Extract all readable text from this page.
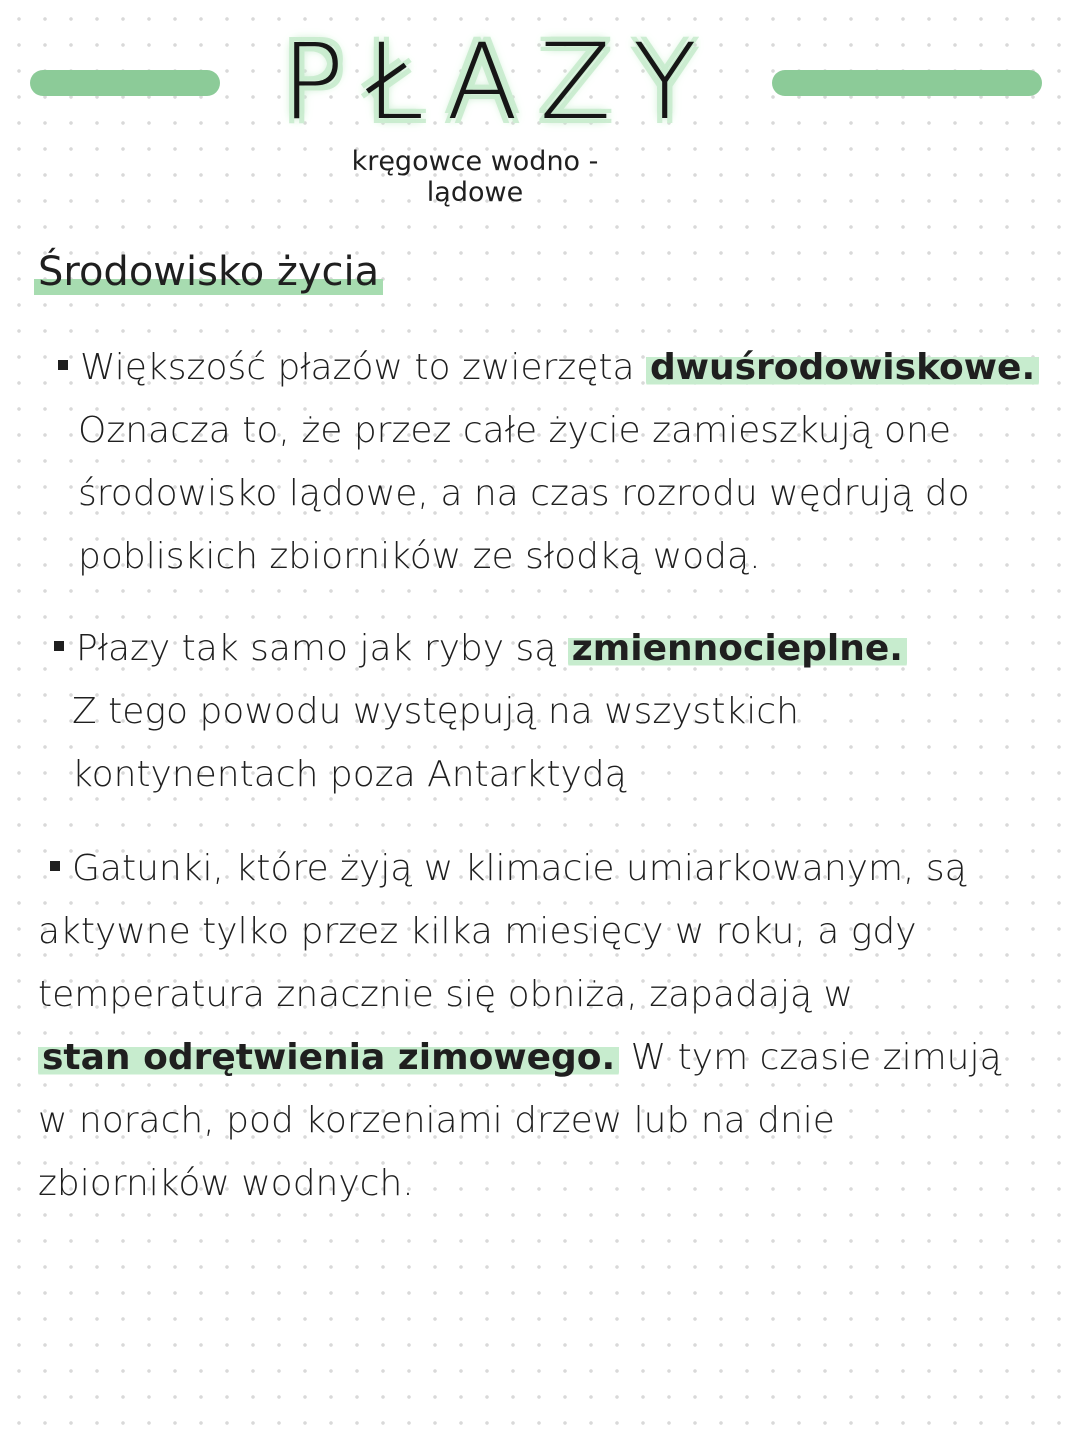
PŁAZY
kręgowce wodno - lądowe
Środowisko życia
Większość płazów to zwierzęta dwuśrodowiskowe.
Oznacza to, że przez całe życie zamieszkują one
środowisko lądowe, a na czas rozrodu wędrują do
pobliskich zbiorników ze słodką wodą.
Płazy tak samo jak ryby są zmiennocieplne.
Z tego powodu występują na wszystkich
kontynentach poza Antarktydą
Gatunki, które żyją w klimacie umiarkowanym, są
aktywne tylko przez kilka miesięcy w roku, a gdy
temperatura znacznie się obniża, zapadają w
stan odrętwienia zimowego. W tym czasie zimują
w norach, pod korzeniami drzew lub na dnie
zbiorników wodnych.
